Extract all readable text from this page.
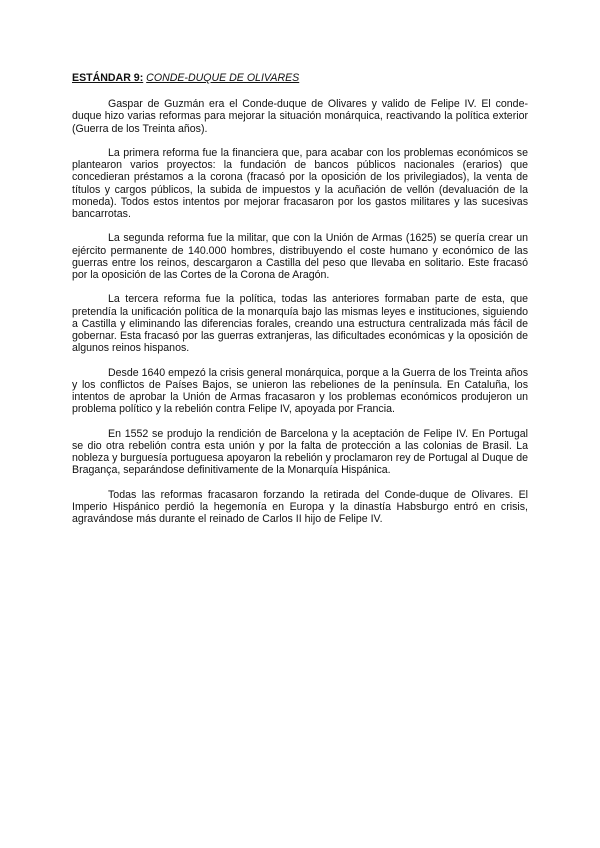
ESTÁNDAR 9: CONDE-DUQUE DE OLIVARES

Gaspar de Guzmán era el Conde-duque de Olivares y valido de Felipe IV. El conde-duque hizo varias reformas para mejorar la situación monárquica, reactivando la política exterior (Guerra de los Treinta años).

La primera reforma fue la financiera que, para acabar con los problemas económicos se plantearon varios proyectos: la fundación de bancos públicos nacionales (erarios) que concedieran préstamos a la corona (fracasó por la oposición de los privilegiados), la venta de títulos y cargos públicos, la subida de impuestos y la acuñación de vellón (devaluación de la moneda). Todos estos intentos por mejorar fracasaron por los gastos militares y las sucesivas bancarrotas.

La segunda reforma fue la militar, que con la Unión de Armas (1625) se quería crear un ejército permanente de 140.000 hombres, distribuyendo el coste humano y económico de las guerras entre los reinos, descargaron a Castilla del peso que llevaba en solitario. Este fracasó por la oposición de las Cortes de la Corona de Aragón.

La tercera reforma fue la política, todas las anteriores formaban parte de esta, que pretendía la unificación política de la monarquía bajo las mismas leyes e instituciones, siguiendo a Castilla y eliminando las diferencias forales, creando una estructura centralizada más fácil de gobernar. Esta fracasó por las guerras extranjeras, las dificultades económicas y la oposición de algunos reinos hispanos.

Desde 1640 empezó la crisis general monárquica, porque a la Guerra de los Treinta años y los conflictos de Países Bajos, se unieron las rebeliones de la península. En Cataluña, los intentos de aprobar la Unión de Armas fracasaron y los problemas económicos produjeron un problema político y la rebelión contra Felipe IV, apoyada por Francia.

En 1552 se produjo la rendición de Barcelona y la aceptación de Felipe IV. En Portugal se dio otra rebelión contra esta unión y por la falta de protección a las colonias de Brasil. La nobleza y burguesía portuguesa apoyaron la rebelión y proclamaron rey de Portugal al Duque de Bragança, separándose definitivamente de la Monarquía Hispánica.

Todas las reformas fracasaron forzando la retirada del Conde-duque de Olivares. El Imperio Hispánico perdió la hegemonía en Europa y la dinastía Habsburgo entró en crisis, agravándose más durante el reinado de Carlos II hijo de Felipe IV.
